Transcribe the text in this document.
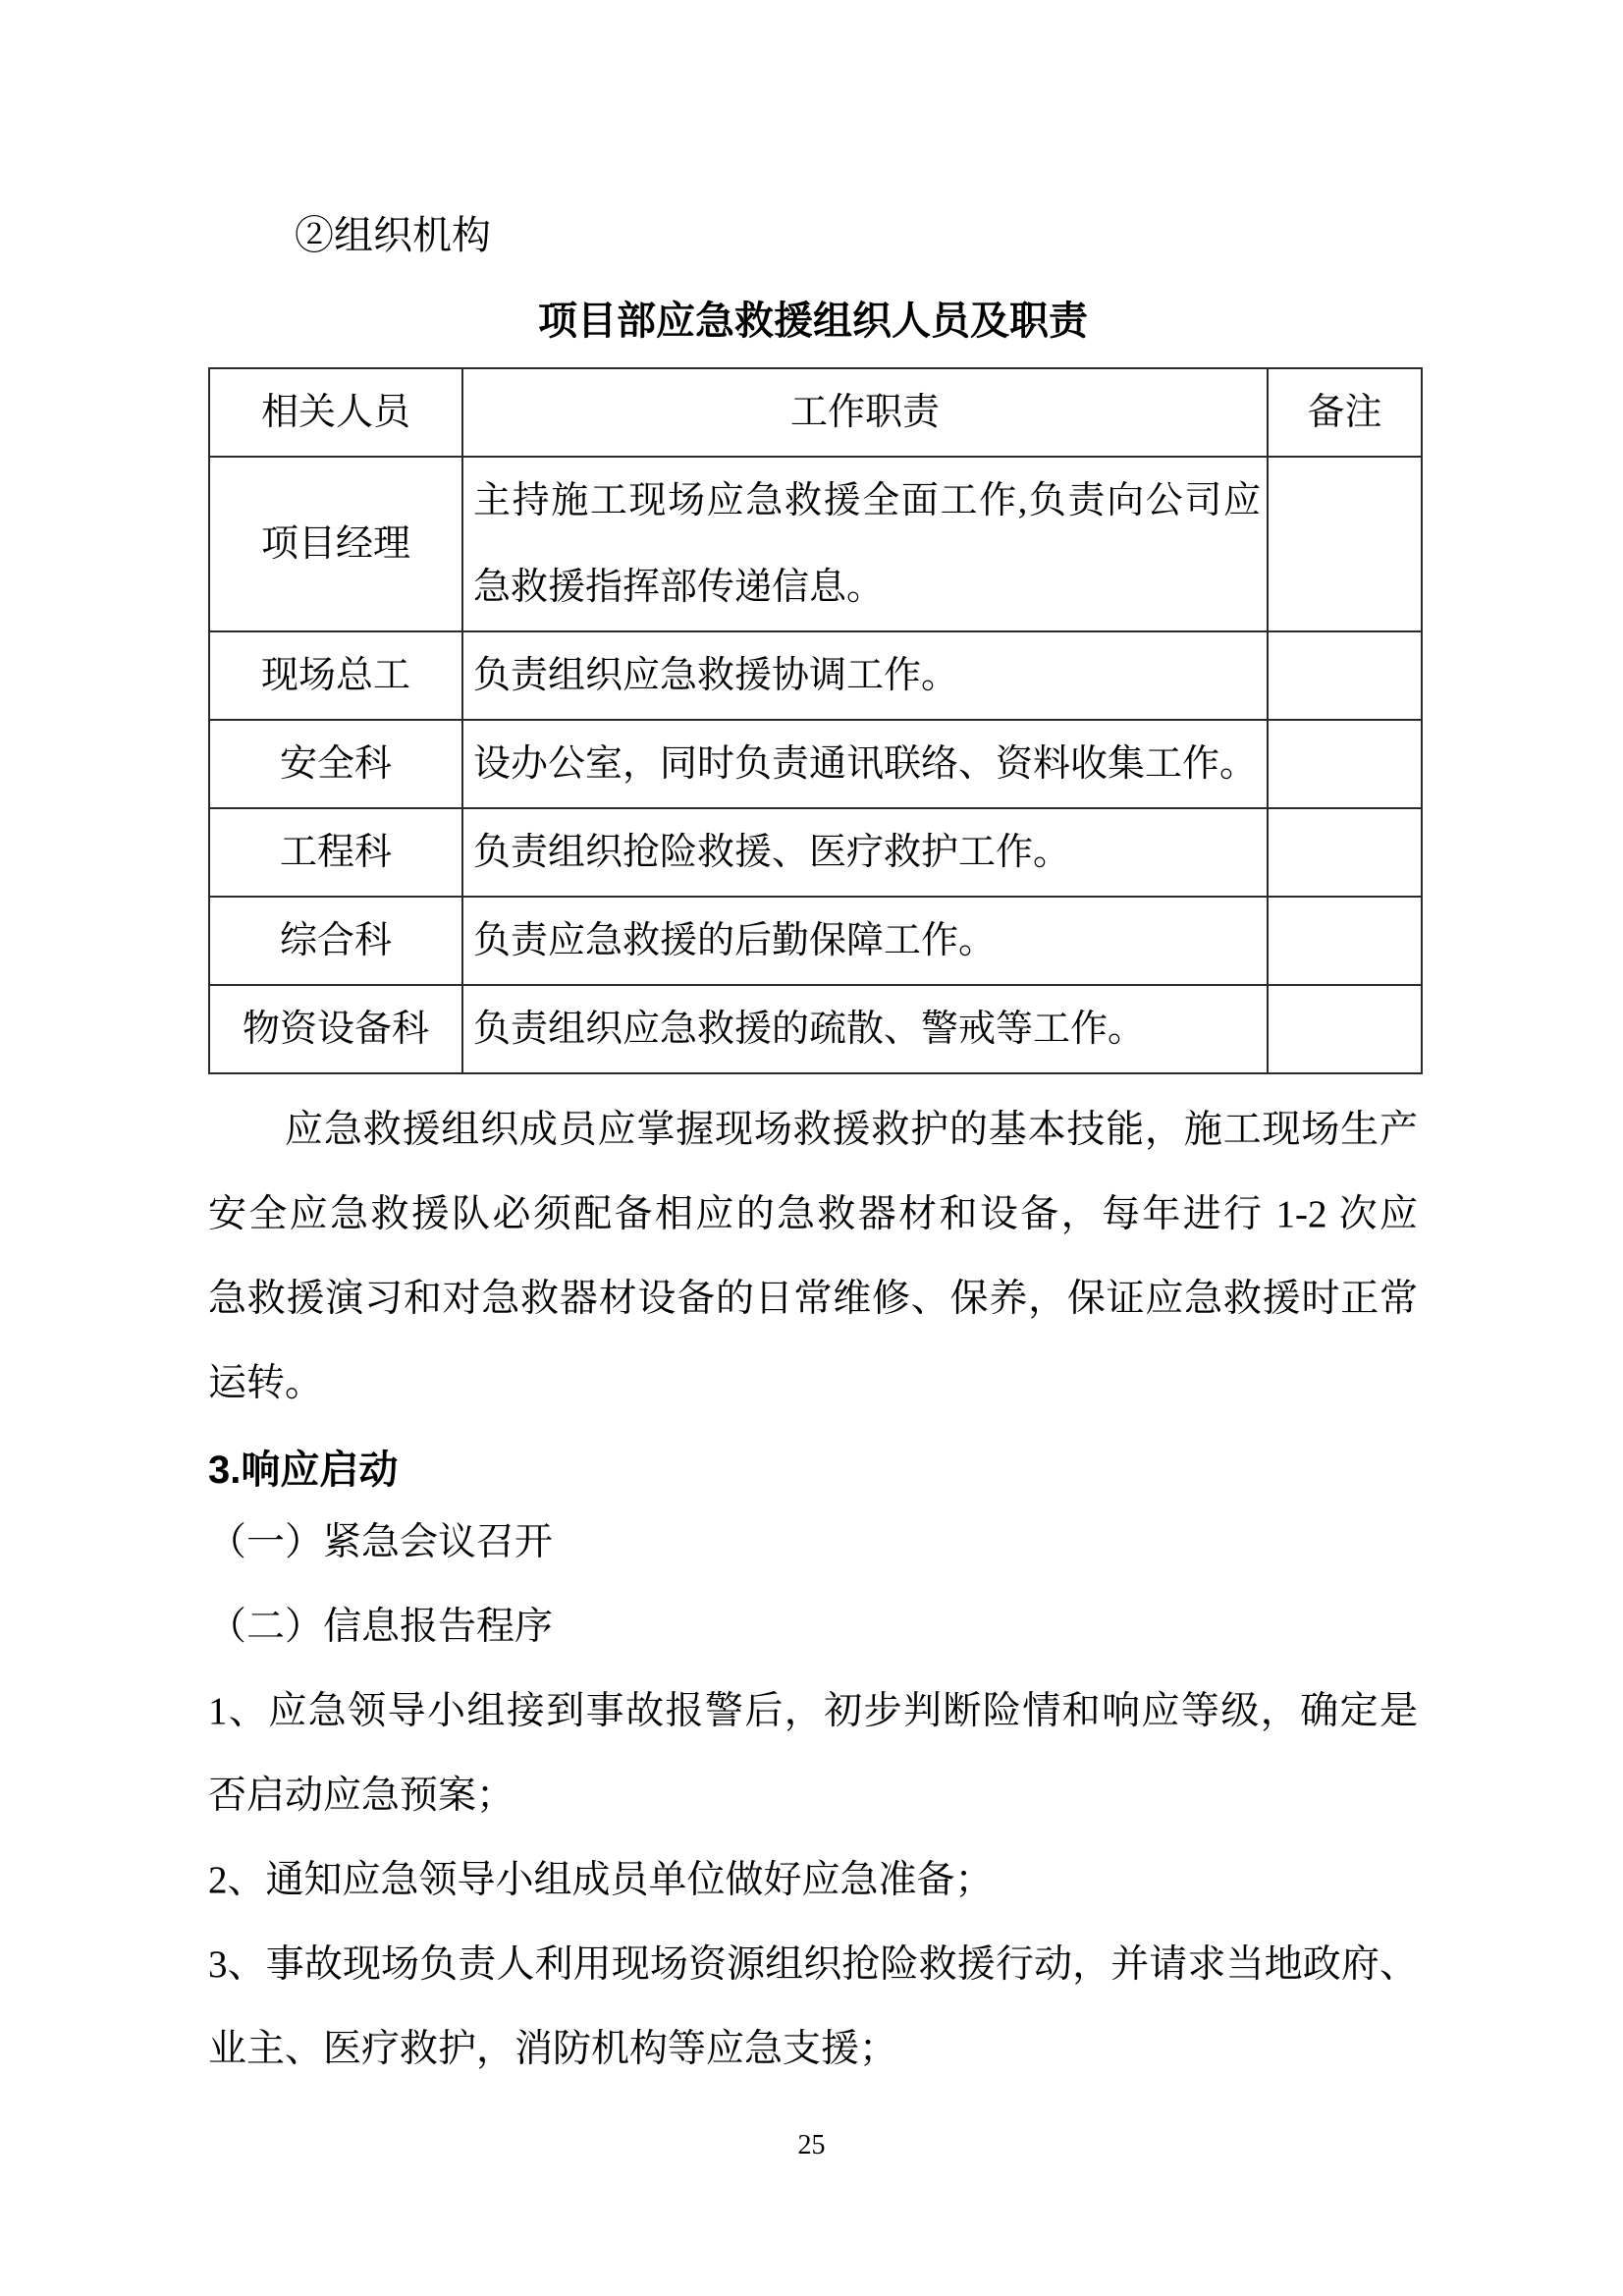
②组织机构
项目部应急救援组织人员及职责
相关人员	工作职责	备注
项目经理	主持施工现场应急救援全面工作,负责向公司应急救援指挥部传递信息。	
现场总工	负责组织应急救援协调工作。	
安全科	设办公室，同时负责通讯联络、资料收集工作。	
工程科	负责组织抢险救援、医疗救护工作。	
综合科	负责应急救援的后勤保障工作。	
物资设备科	负责组织应急救援的疏散、警戒等工作。	
应急救援组织成员应掌握现场救援救护的基本技能，施工现场生产
安全应急救援队必须配备相应的急救器材和设备，每年进行 1-2 次应
急救援演习和对急救器材设备的日常维修、保养，保证应急救援时正常
运转。
3.响应启动
（一）紧急会议召开
（二）信息报告程序
1、应急领导小组接到事故报警后，初步判断险情和响应等级，确定是
否启动应急预案；
2、通知应急领导小组成员单位做好应急准备；
3、事故现场负责人利用现场资源组织抢险救援行动，并请求当地政府、
业主、医疗救护，消防机构等应急支援；
25
